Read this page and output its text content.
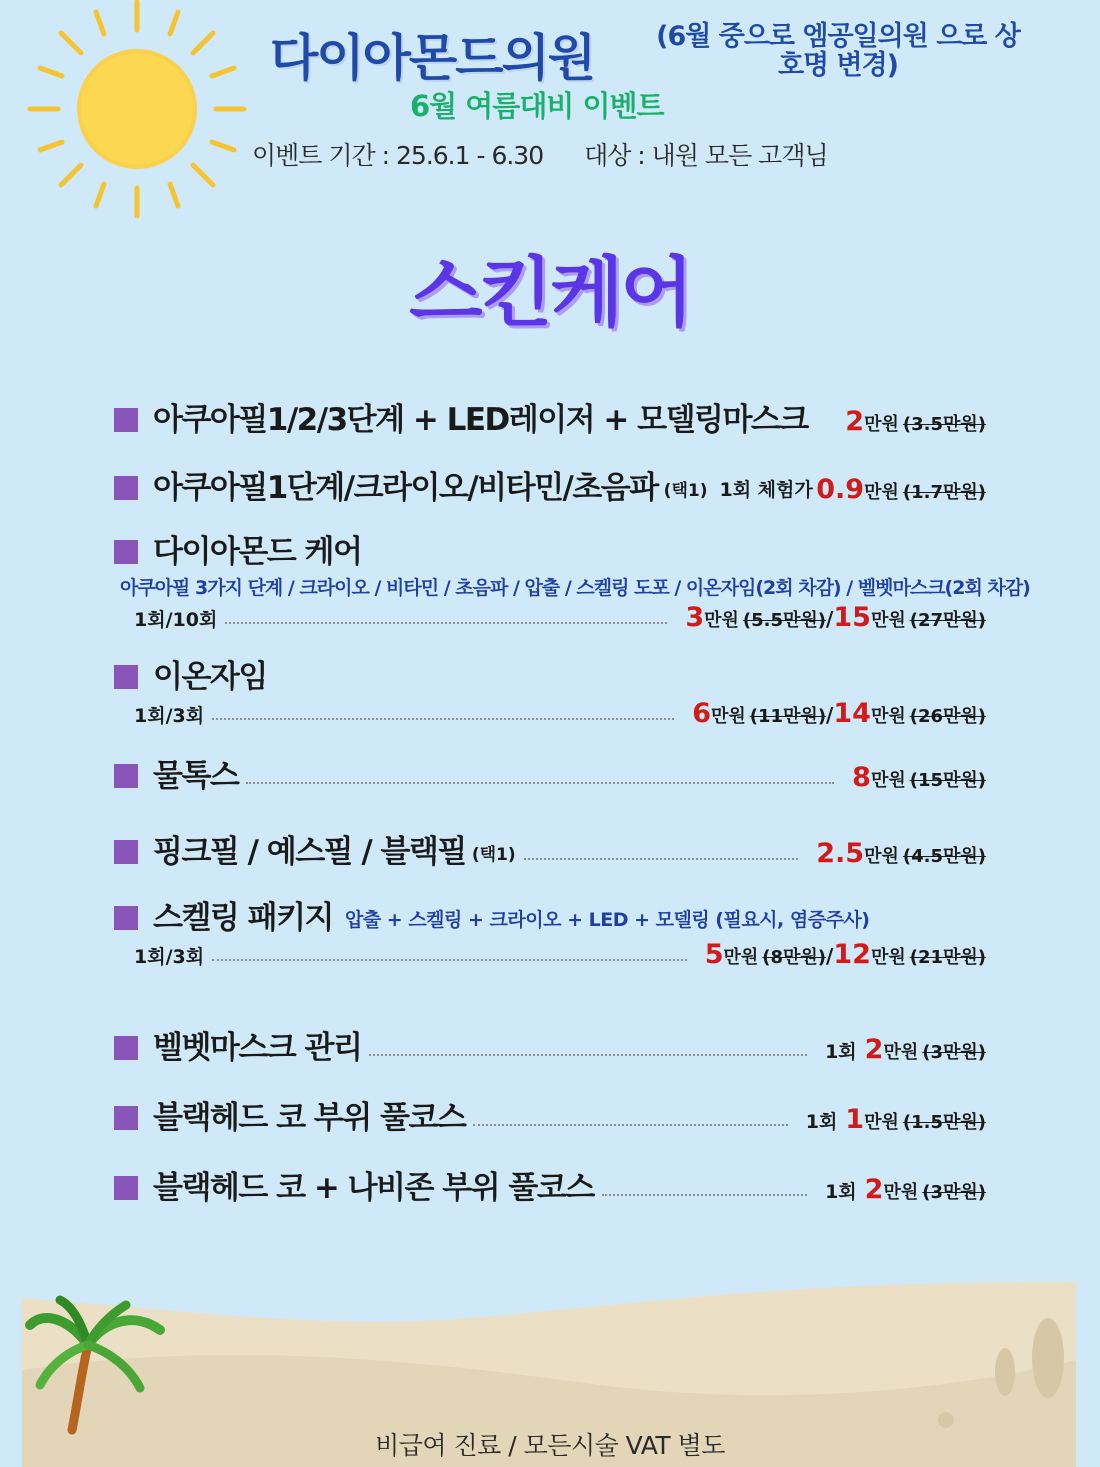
다이아몬드의원	(6월 중으로 엠공일의원 으로 상호명 변경)
6월 여름대비 이벤트
이벤트 기간 : 25.6.1 - 6.30 대상 : 내원 모든 고객님
스킨케어
아쿠아필1/2/3단계 + LED레이저 + 모델링마스크 2만원 (3.5만원)
아쿠아필1단계/크라이오/비타민/초음파 (택1) 1회 체험가 0.9만원 (1.7만원)
다이아몬드 케어
아쿠아필 3가지 단계 / 크라이오 / 비타민 / 초음파 / 압출 / 스켈링 도포 / 이온자임(2회 차감) / 벨벳마스크(2회 차감)
1회/10회	3만원 (5.5만원)/15만원 (27만원)
이온자임
1회/3회	6만원 (11만원)/14만원 (26만원)
물톡스	8만원 (15만원)
핑크필 / 예스필 / 블랙필 (택1)	2.5만원 (4.5만원)
스켈링 패키지 압출 + 스켈링 + 크라이오 + LED + 모델링 (필요시, 염증주사)
1회/3회	5만원 (8만원)/12만원 (21만원)
벨벳마스크 관리	1회 2만원 (3만원)
블랙헤드 코 부위 풀코스	1회 1만원 (1.5만원)
블랙헤드 코 + 나비존 부위 풀코스	1회 2만원 (3만원)
비급여 진료 / 모든시술 VAT 별도
